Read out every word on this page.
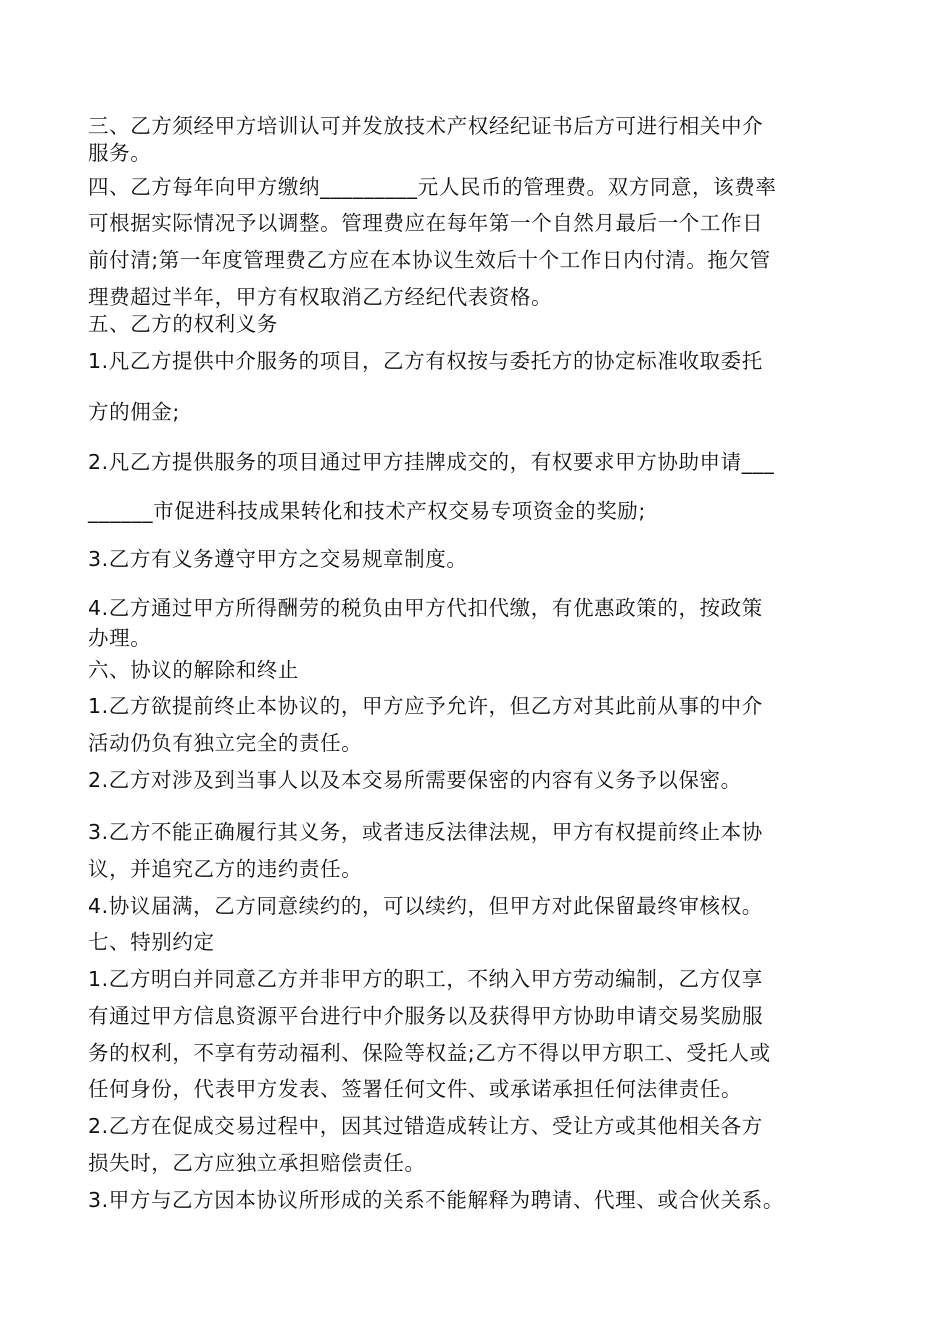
三、乙方须经甲方培训认可并发放技术产权经纪证书后方可进行相关中介
服务。
四、乙方每年向甲方缴纳_________元人民币的管理费。双方同意，该费率
可根据实际情况予以调整。管理费应在每年第一个自然月最后一个工作日
前付清;第一年度管理费乙方应在本协议生效后十个工作日内付清。拖欠管
理费超过半年，甲方有权取消乙方经纪代表资格。
五、乙方的权利义务
1.凡乙方提供中介服务的项目，乙方有权按与委托方的协定标准收取委托
方的佣金;
2.凡乙方提供服务的项目通过甲方挂牌成交的，有权要求甲方协助申请___
______市促进科技成果转化和技术产权交易专项资金的奖励;
3.乙方有义务遵守甲方之交易规章制度。
4.乙方通过甲方所得酬劳的税负由甲方代扣代缴，有优惠政策的，按政策
办理。
六、协议的解除和终止
1.乙方欲提前终止本协议的，甲方应予允许，但乙方对其此前从事的中介
活动仍负有独立完全的责任。
2.乙方对涉及到当事人以及本交易所需要保密的内容有义务予以保密。
3.乙方不能正确履行其义务，或者违反法律法规，甲方有权提前终止本协
议，并追究乙方的违约责任。
4.协议届满，乙方同意续约的，可以续约，但甲方对此保留最终审核权。
七、特别约定
1.乙方明白并同意乙方并非甲方的职工，不纳入甲方劳动编制，乙方仅享
有通过甲方信息资源平台进行中介服务以及获得甲方协助申请交易奖励服
务的权利，不享有劳动福利、保险等权益;乙方不得以甲方职工、受托人或
任何身份，代表甲方发表、签署任何文件、或承诺承担任何法律责任。
2.乙方在促成交易过程中，因其过错造成转让方、受让方或其他相关各方
损失时，乙方应独立承担赔偿责任。
3.甲方与乙方因本协议所形成的关系不能解释为聘请、代理、或合伙关系。
